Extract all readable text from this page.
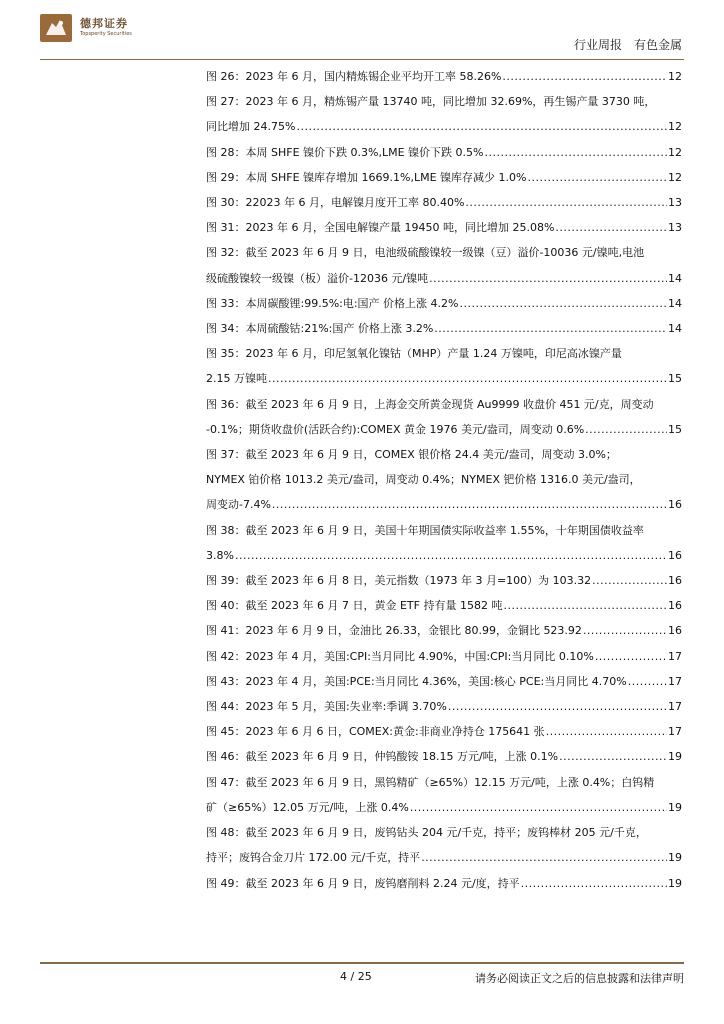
德邦证券
Topsperity Securities
行业周报 有色金属
图 26：2023 年 6 月，国内精炼锡企业平均开工率 58.26% .....	12
图 27：2023 年 6 月，精炼锡产量 13740 吨，同比增加 32.69%，再生锡产量 3730 吨，
同比增加 24.75% .....	12
图 28：本周 SHFE 镍价下跌 0.3%,LME 镍价下跌 0.5% .....	12
图 29：本周 SHFE 镍库存增加 1669.1%,LME 镍库存减少 1.0% .....	12
图 30：22023 年 6 月，电解镍月度开工率 80.40% .....	13
图 31：2023 年 6 月，全国电解镍产量 19450 吨，同比增加 25.08% .....	13
图 32：截至 2023 年 6 月 9 日，电池级硫酸镍较一级镍（豆）溢价-10036 元/镍吨,电池
级硫酸镍较一级镍（板）溢价-12036 元/镍吨 .....	14
图 33：本周碳酸锂:99.5%:电:国产 价格上涨 4.2% .....	14
图 34：本周硫酸钴:21%:国产 价格上涨 3.2% .....	14
图 35：2023 年 6 月，印尼氢氧化镍钴（MHP）产量 1.24 万镍吨，印尼高冰镍产量
2.15 万镍吨 .....	15
图 36：截至 2023 年 6 月 9 日，上海金交所黄金现货 Au9999 收盘价 451 元/克，周变动
-0.1%；期货收盘价(活跃合约):COMEX 黄金 1976 美元/盎司，周变动 0.6% .....	15
图 37：截至 2023 年 6 月 9 日，COMEX 银价格 24.4 美元/盎司，周变动 3.0%；
NYMEX 铂价格 1013.2 美元/盎司，周变动 0.4%；NYMEX 钯价格 1316.0 美元/盎司，
周变动-7.4% .....	16
图 38：截至 2023 年 6 月 9 日，美国十年期国债实际收益率 1.55%，十年期国债收益率
3.8% .....	16
图 39：截至 2023 年 6 月 8 日，美元指数（1973 年 3 月=100）为 103.32 .....	16
图 40：截至 2023 年 6 月 7 日，黄金 ETF 持有量 1582 吨 .....	16
图 41：2023 年 6 月 9 日，金油比 26.33，金银比 80.99，金铜比 523.92 .....	16
图 42：2023 年 4 月，美国:CPI:当月同比 4.90%，中国:CPI:当月同比 0.10% .....	17
图 43：2023 年 4 月，美国:PCE:当月同比 4.36%，美国:核心 PCE:当月同比 4.70% .....	17
图 44：2023 年 5 月，美国:失业率:季调 3.70% .....	17
图 45：2023 年 6 月 6 日，COMEX:黄金:非商业净持仓 175641 张 .....	17
图 46：截至 2023 年 6 月 9 日，仲钨酸铵 18.15 万元/吨，上涨 0.1% .....	19
图 47：截至 2023 年 6 月 9 日，黑钨精矿（≥65%）12.15 万元/吨，上涨 0.4%；白钨精
矿（≥65%）12.05 万元/吨，上涨 0.4% .....	19
图 48：截至 2023 年 6 月 9 日，废钨钻头 204 元/千克，持平；废钨棒材 205 元/千克，
持平；废钨合金刀片 172.00 元/千克，持平 .....	19
图 49：截至 2023 年 6 月 9 日，废钨磨削料 2.24 元/度，持平 .....	19
4 / 25	请务必阅读正文之后的信息披露和法律声明
